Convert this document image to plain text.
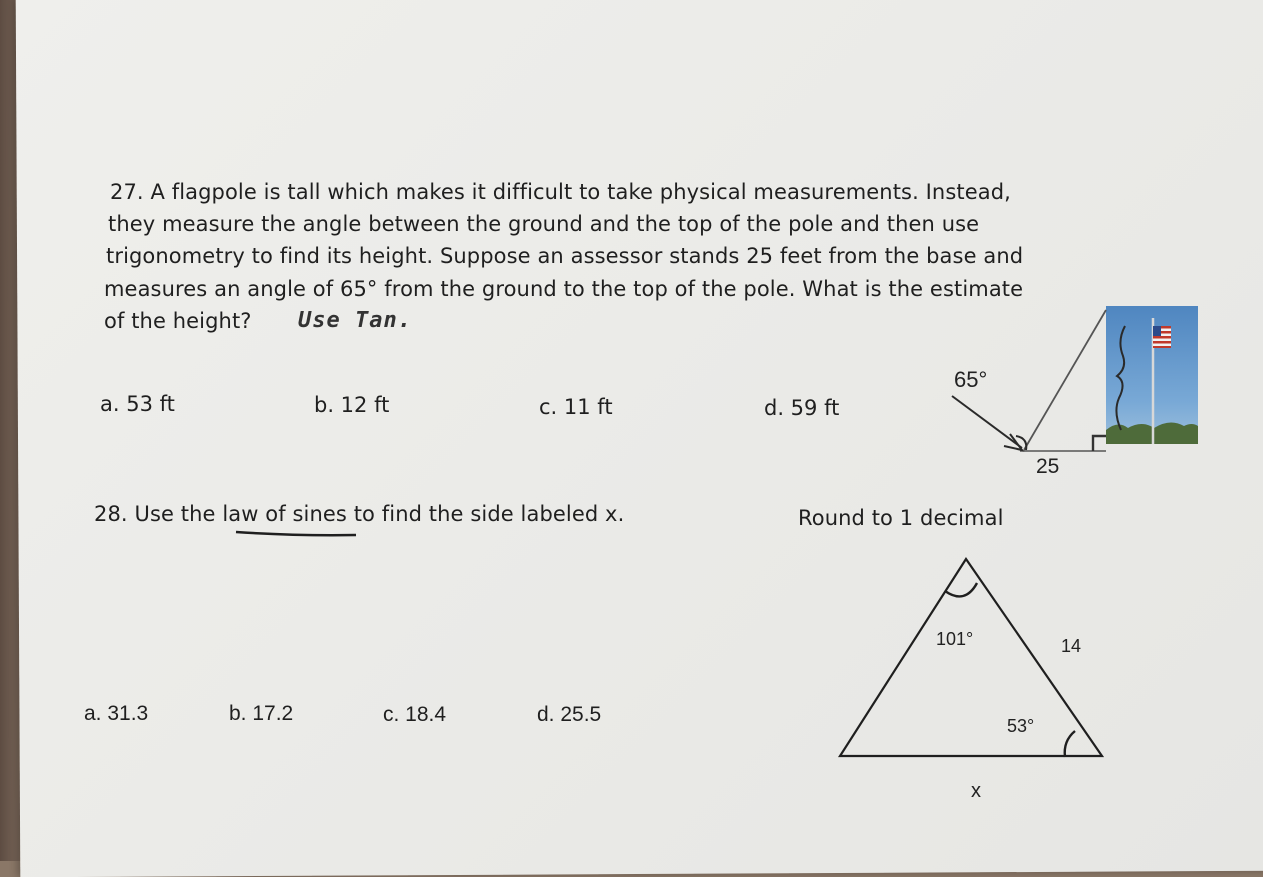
27. A flagpole is tall which makes it difficult to take physical measurements. Instead,
they measure the angle between the ground and the top of the pole and then use
trigonometry to find its height. Suppose an assessor stands 25 feet from the base and
measures an angle of 65° from the ground to the top of the pole. What is the estimate
of the height? Use Tan.
a. 53 ft	b. 12 ft	c. 11 ft	d. 59 ft
65°
25
28. Use the law of sines to find the side labeled x.	Round to 1 decimal
a. 31.3	b. 17.2	c. 18.4	d. 25.5
101°	14
53°
x
